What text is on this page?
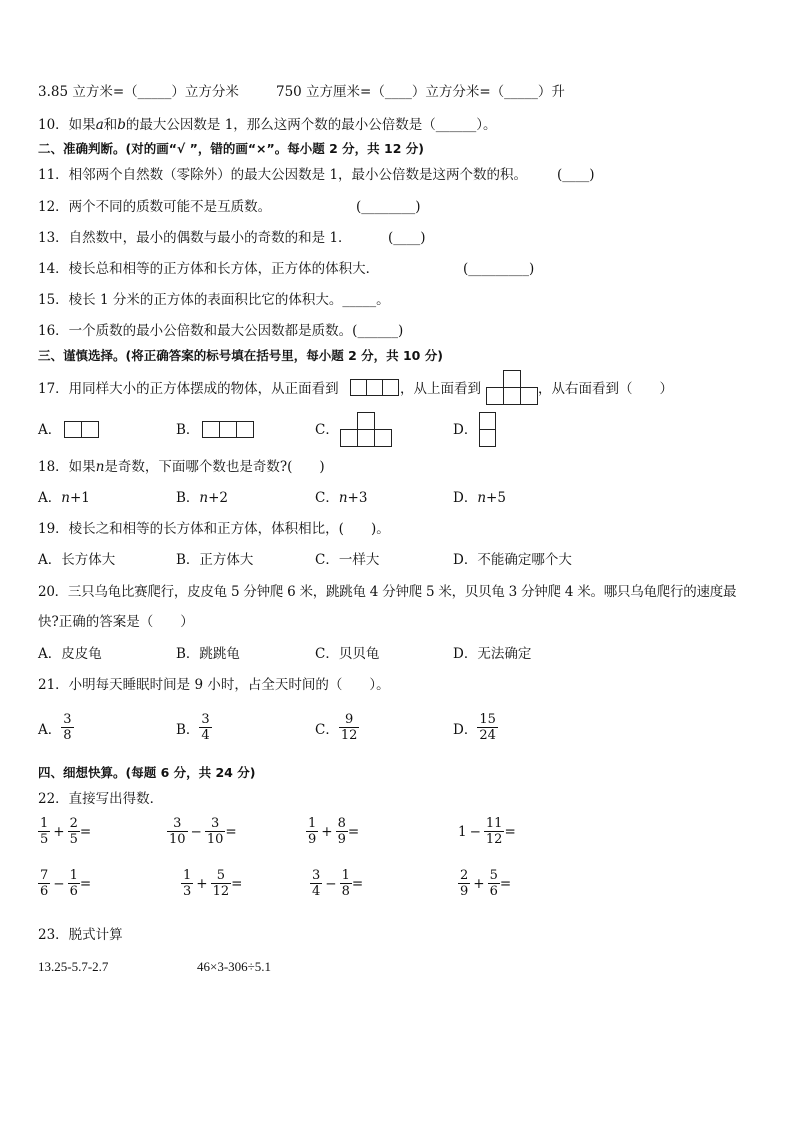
3.85 立方米=（_____）立方分米	750 立方厘米=（____）立方分米=（_____）升
10．如果a和b的最大公因数是 1，那么这两个数的最小公倍数是（______）。
二、准确判断。(对的画“√ ”，错的画“×”。每小题 2 分，共 12 分)
11．相邻两个自然数（零除外）的最大公因数是 1，最小公倍数是这两个数的积。 (____)
12．两个不同的质数可能不是互质数。	(________)
13．自然数中，最小的偶数与最小的奇数的和是 1．	(____)
14．棱长总和相等的正方体和长方体，正方体的体积大．	(_________)
15．棱长 1 分米的正方体的表面积比它的体积大。_____。
16．一个质数的最小公倍数和最大公因数都是质数。(______)
三、谨慎选择。(将正确答案的标号填在括号里，每小题 2 分，共 10 分)
17．用同样大小的正方体摆成的物体，从正面看到	，从上面看到	，从右面看到（　　）
A．	B．	C．	D．
18．如果n是奇数，下面哪个数也是奇数?(　　)
A．n+1	B．n+2	C．n+3	D．n+5
19．棱长之和相等的长方体和正方体，体积相比，(　　)。
A．长方体大	B．正方体大	C．一样大	D．不能确定哪个大
20．三只乌龟比赛爬行，皮皮龟 5 分钟爬 6 米，跳跳龟 4 分钟爬 5 米，贝贝龟 3 分钟爬 4 米。哪只乌龟爬行的速度最
快?正确的答案是（　　）
A．皮皮龟	B．跳跳龟	C．贝贝龟	D．无法确定
21．小明每天睡眠时间是 9 小时，占全天时间的（　　）。
A． $\frac{3}{8}$	B． $\frac{3}{4}$	C． $\frac{9}{12}$	D． $\frac{15}{24}$
四、细想快算。(每题 6 分，共 24 分)
22．直接写出得数．
$\frac{1}{5} + \frac{2}{5}$ =	$\frac{3}{10} - \frac{3}{10}$ =	$\frac{1}{9} + \frac{8}{9}$ =	$1 - \frac{11}{12}$ =
$\frac{7}{6} - \frac{1}{6}$ =	$\frac{1}{3} + \frac{5}{12}$ =	$\frac{3}{4} - \frac{1}{8}$ =	$\frac{2}{9} + \frac{5}{6}$ =
23．脱式计算
13.25-5.7-2.7	46×3-306÷5.1
